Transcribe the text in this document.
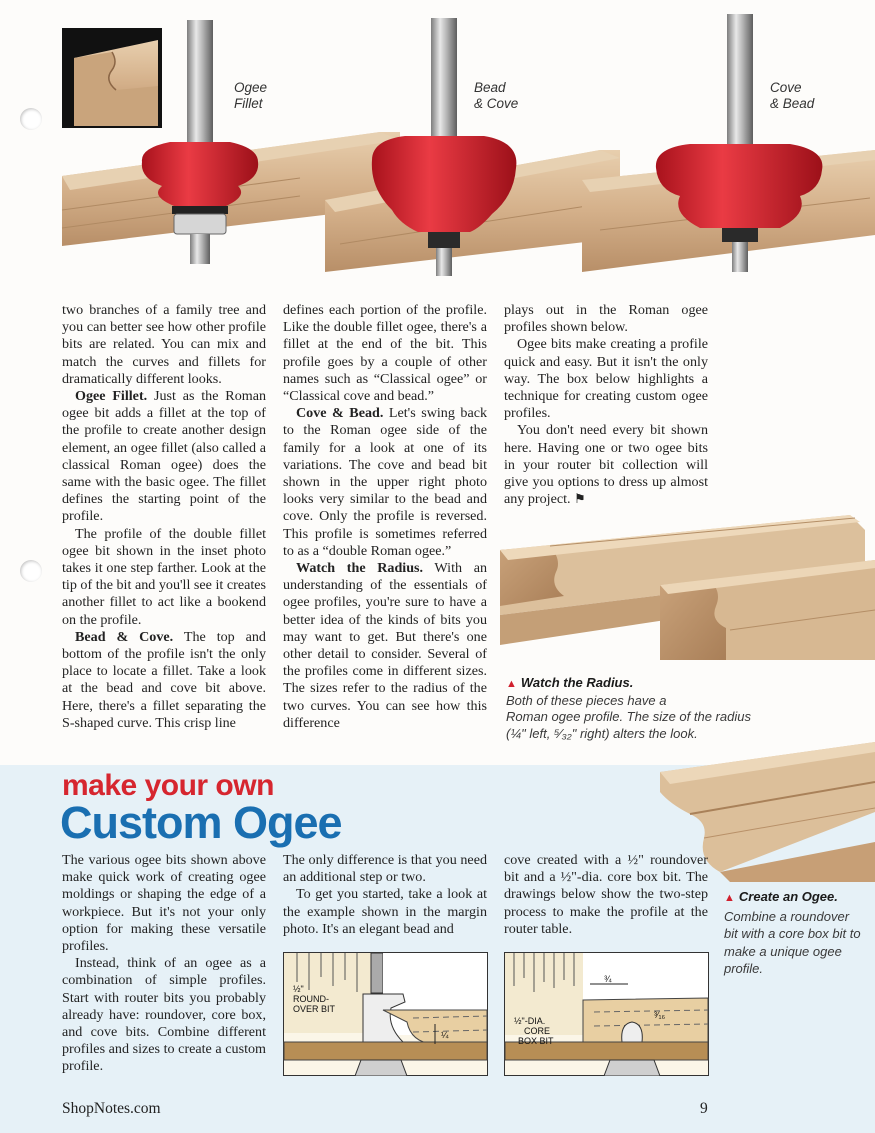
Ogee
Fillet
Bead
& Cove
Cove
& Bead

two branches of a family tree and you can better see how other profile bits are related. You can mix and match the curves and fillets for dramatically different looks.

Ogee Fillet. Just as the Roman ogee bit adds a fillet at the top of the profile to create another design element, an ogee fillet (also called a classical Roman ogee) does the same with the basic ogee. The fillet defines the starting point of the profile.

The profile of the double fillet ogee bit shown in the inset photo takes it one step farther. Look at the tip of the bit and you'll see it creates another fillet to act like a bookend on the profile.

Bead & Cove. The top and bottom of the profile isn't the only place to locate a fillet. Take a look at the bead and cove bit above. Here, there's a fillet separating the S-shaped curve. This crisp line

defines each portion of the profile. Like the double fillet ogee, there's a fillet at the end of the bit. This profile goes by a couple of other names such as “Classical ogee” or “Classical cove and bead.”

Cove & Bead. Let's swing back to the Roman ogee side of the family for a look at one of its variations. The cove and bead bit shown in the upper right photo looks very similar to the bead and cove. Only the profile is reversed. This profile is sometimes referred to as a “double Roman ogee.”

Watch the Radius. With an understanding of the essentials of ogee profiles, you're sure to have a better idea of the kinds of bits you may want to get. But there's one other detail to consider. Several of the profiles come in different sizes. The sizes refer to the radius of the two curves. You can see how this difference

plays out in the Roman ogee profiles shown below.

Ogee bits make creating a profile quick and easy. But it isn't the only way. The box below highlights a technique for creating custom ogee profiles.

You don't need every bit shown here. Having one or two ogee bits in your router bit collection will give you options to dress up almost any project. ⚑

▲ Watch the Radius.
Both of these pieces have a
Roman ogee profile. The size of the radius
(¼" left, ⁵⁄₃₂" right) alters the look.
make your own
Custom Ogee

The various ogee bits shown above make quick work of creating ogee moldings or shaping the edge of a workpiece. But it's not your only option for making these versatile profiles.

Instead, think of an ogee as a combination of simple profiles. Start with router bits you probably already have: roundover, core box, and cove bits. Combine different profiles and sizes to create a custom profile.

The only difference is that you need an additional step or two.

To get you started, take a look at the example shown in the margin photo. It's an elegant bead and

cove created with a ½" roundover bit and a ½"-dia. core box bit. The drawings below show the two-step process to make the profile at the router table.

▲ Create an Ogee. Combine a roundover bit with a core box bit to make a unique ogee profile.
½"
ROUND-
OVER BIT
¼
½"-DIA.
CORE
BOX BIT
¾
³⁄₁₆
ShopNotes.com	9
